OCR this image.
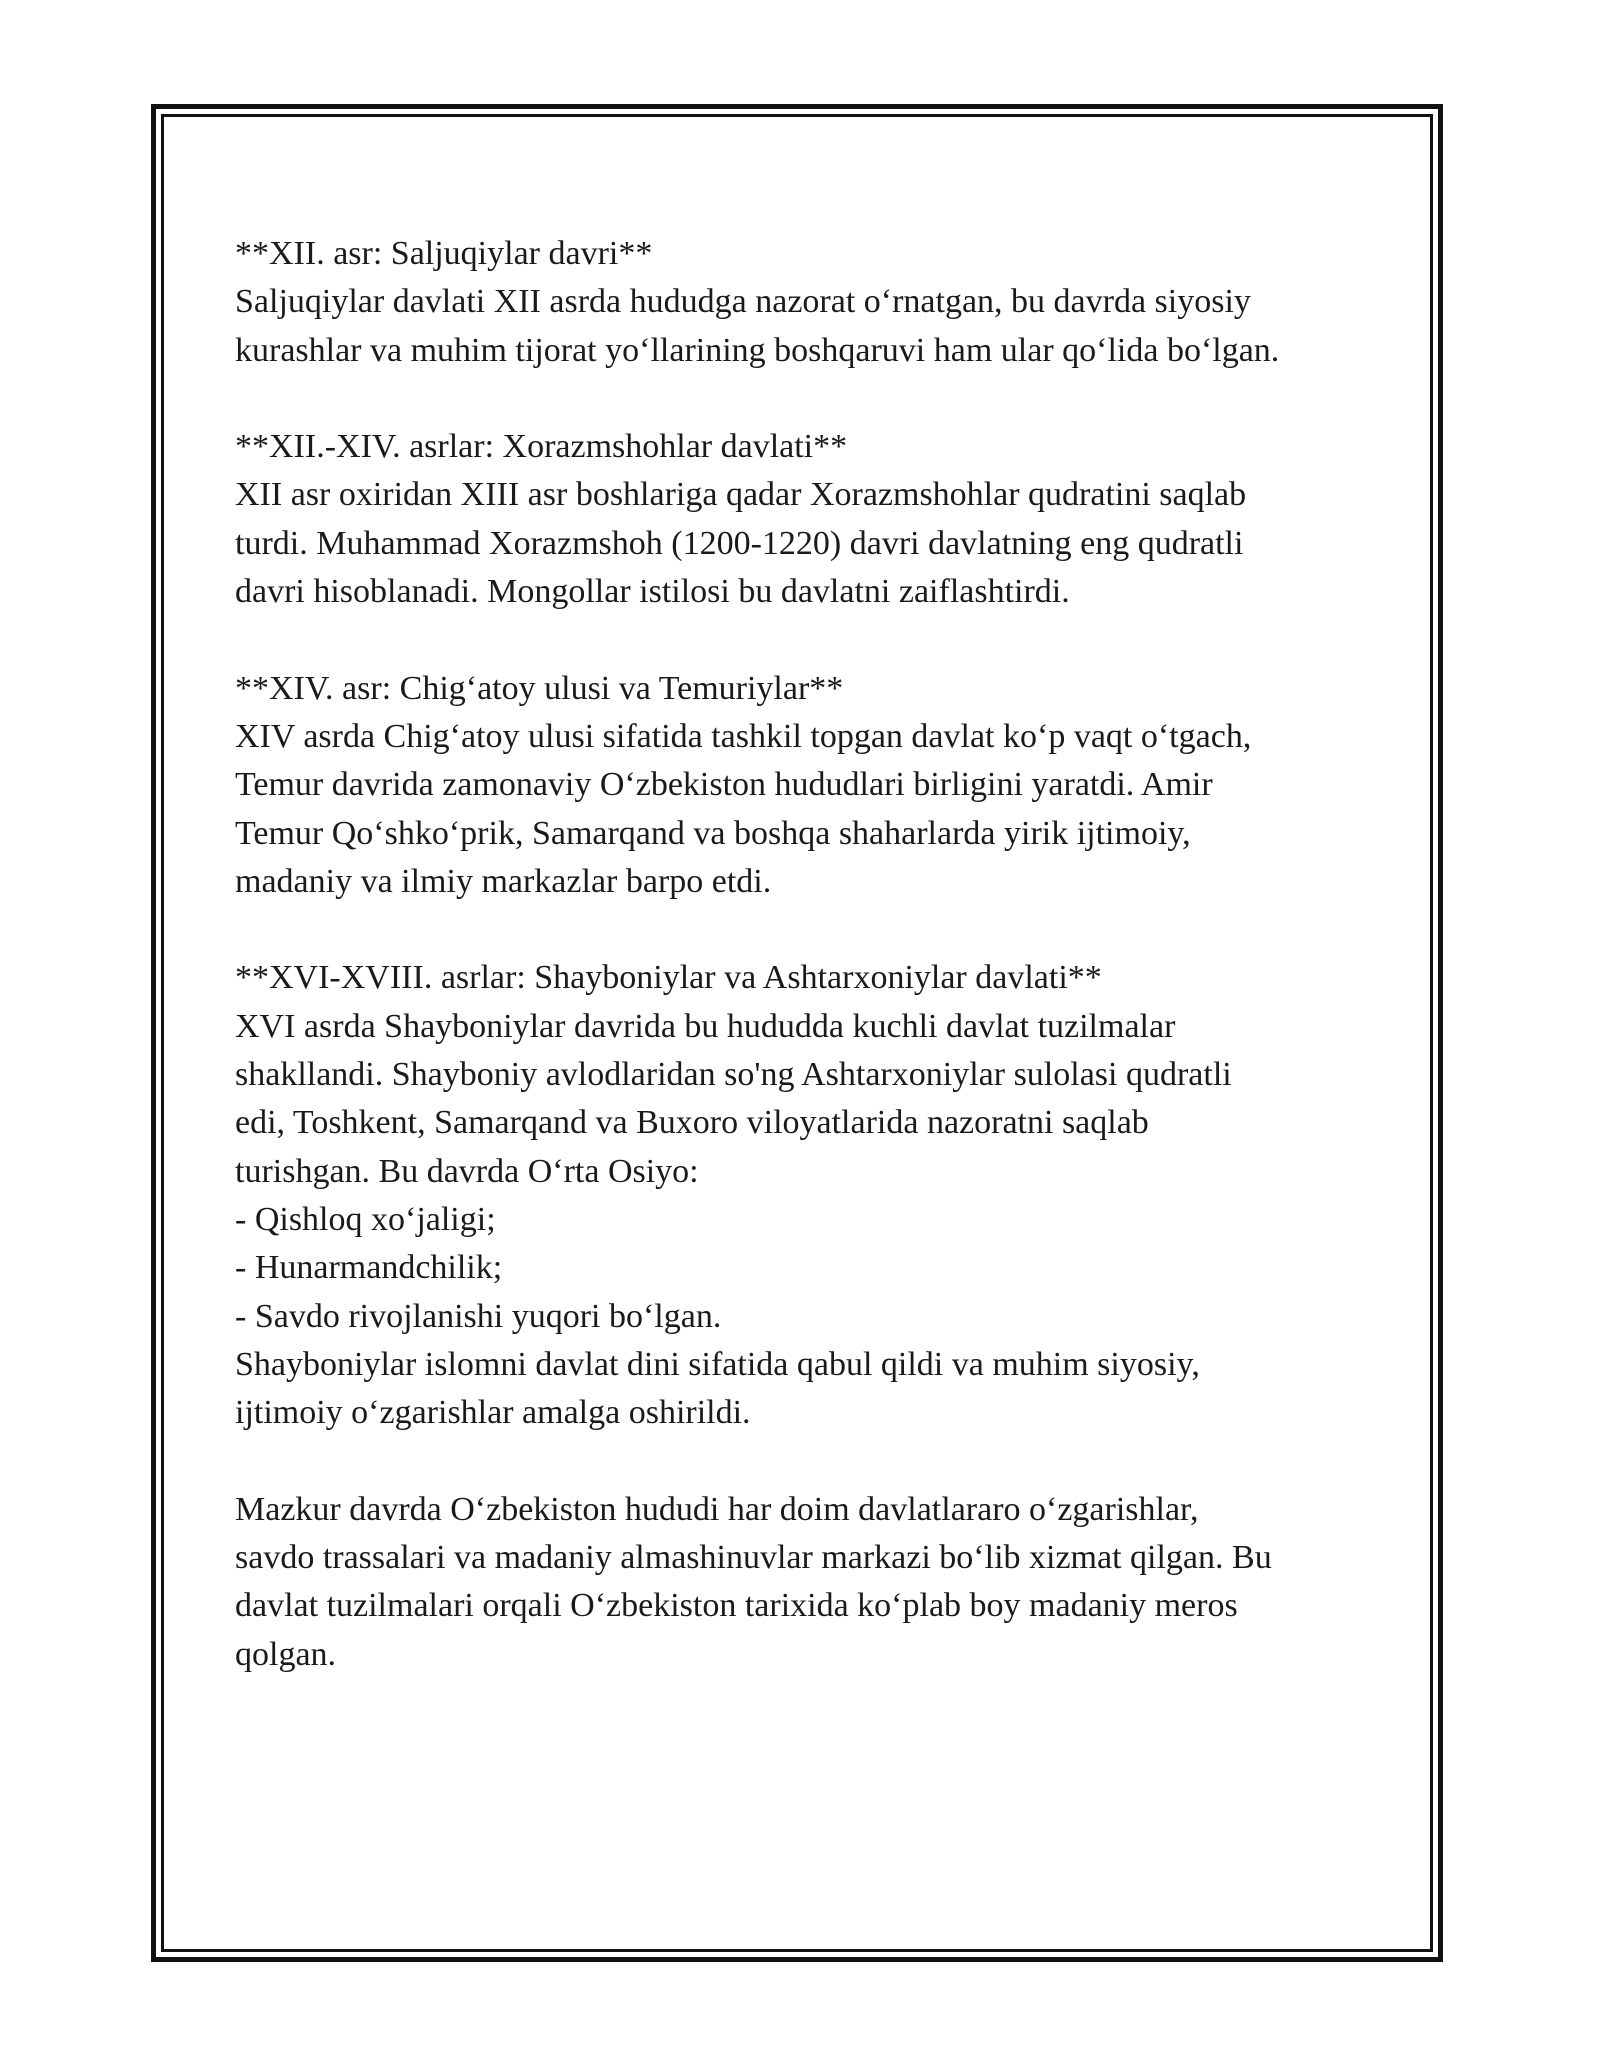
**XII. asr: Saljuqiylar davri**
Saljuqiylar davlati XII asrda hududga nazorat o‘rnatgan, bu davrda siyosiy
kurashlar va muhim tijorat yo‘llarining boshqaruvi ham ular qo‘lida bo‘lgan.
**XII.-XIV. asrlar: Xorazmshohlar davlati**
XII asr oxiridan XIII asr boshlariga qadar Xorazmshohlar qudratini saqlab
turdi. Muhammad Xorazmshoh (1200-1220) davri davlatning eng qudratli
davri hisoblanadi. Mongollar istilosi bu davlatni zaiflashtirdi.
**XIV. asr: Chig‘atoy ulusi va Temuriylar**
XIV asrda Chig‘atoy ulusi sifatida tashkil topgan davlat ko‘p vaqt o‘tgach,
Temur davrida zamonaviy O‘zbekiston hududlari birligini yaratdi. Amir
Temur Qo‘shko‘prik, Samarqand va boshqa shaharlarda yirik ijtimoiy,
madaniy va ilmiy markazlar barpo etdi.
**XVI-XVIII. asrlar: Shayboniylar va Ashtarxoniylar davlati**
XVI asrda Shayboniylar davrida bu hududda kuchli davlat tuzilmalar
shakllandi. Shayboniy avlodlaridan so'ng Ashtarxoniylar sulolasi qudratli
edi, Toshkent, Samarqand va Buxoro viloyatlarida nazoratni saqlab
turishgan. Bu davrda O‘rta Osiyo:
- Qishloq xo‘jaligi;
- Hunarmandchilik;
- Savdo rivojlanishi yuqori bo‘lgan.
Shayboniylar islomni davlat dini sifatida qabul qildi va muhim siyosiy,
ijtimoiy o‘zgarishlar amalga oshirildi.
Mazkur davrda O‘zbekiston hududi har doim davlatlararo o‘zgarishlar,
savdo trassalari va madaniy almashinuvlar markazi bo‘lib xizmat qilgan. Bu
davlat tuzilmalari orqali O‘zbekiston tarixida ko‘plab boy madaniy meros
qolgan.
